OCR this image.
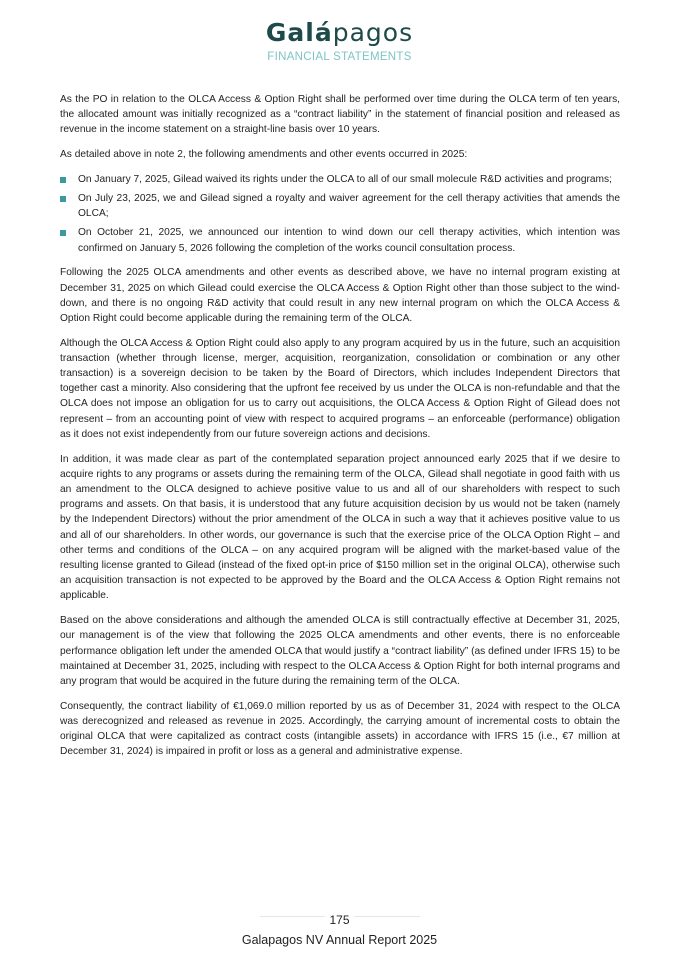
Galápagos
FINANCIAL STATEMENTS

As the PO in relation to the OLCA Access & Option Right shall be performed over time during the OLCA term of ten years, the allocated amount was initially recognized as a “contract liability” in the statement of financial position and released as revenue in the income statement on a straight-line basis over 10 years.

As detailed above in note 2, the following amendments and other events occurred in 2025:

On January 7, 2025, Gilead waived its rights under the OLCA to all of our small molecule R&D activities and programs;
On July 23, 2025, we and Gilead signed a royalty and waiver agreement for the cell therapy activities that amends the OLCA;
On October 21, 2025, we announced our intention to wind down our cell therapy activities, which intention was confirmed on January 5, 2026 following the completion of the works council consultation process.

Following the 2025 OLCA amendments and other events as described above, we have no internal program existing at December 31, 2025 on which Gilead could exercise the OLCA Access & Option Right other than those subject to the wind-down, and there is no ongoing R&D activity that could result in any new internal program on which the OLCA Access & Option Right could become applicable during the remaining term of the OLCA.

Although the OLCA Access & Option Right could also apply to any program acquired by us in the future, such an acquisition transaction (whether through license, merger, acquisition, reorganization, consolidation or combination or any other transaction) is a sovereign decision to be taken by the Board of Directors, which includes Independent Directors that together cast a minority. Also considering that the upfront fee received by us under the OLCA is non-refundable and that the OLCA does not impose an obligation for us to carry out acquisitions, the OLCA Access & Option Right of Gilead does not represent – from an accounting point of view with respect to acquired programs – an enforceable (performance) obligation as it does not exist independently from our future sovereign actions and decisions.

In addition, it was made clear as part of the contemplated separation project announced early 2025 that if we desire to acquire rights to any programs or assets during the remaining term of the OLCA, Gilead shall negotiate in good faith with us an amendment to the OLCA designed to achieve positive value to us and all of our shareholders with respect to such programs and assets. On that basis, it is understood that any future acquisition decision by us would not be taken (namely by the Independent Directors) without the prior amendment of the OLCA in such a way that it achieves positive value to us and all of our shareholders. In other words, our governance is such that the exercise price of the OLCA Option Right – and other terms and conditions of the OLCA – on any acquired program will be aligned with the market-based value of the resulting license granted to Gilead (instead of the fixed opt-in price of $150 million set in the original OLCA), otherwise such an acquisition transaction is not expected to be approved by the Board and the OLCA Access & Option Right remains not applicable.

Based on the above considerations and although the amended OLCA is still contractually effective at December 31, 2025, our management is of the view that following the 2025 OLCA amendments and other events, there is no enforceable performance obligation left under the amended OLCA that would justify a “contract liability” (as defined under IFRS 15) to be maintained at December 31, 2025, including with respect to the OLCA Access & Option Right for both internal programs and any program that would be acquired in the future during the remaining term of the OLCA.

Consequently, the contract liability of €1,069.0 million reported by us as of December 31, 2024 with respect to the OLCA was derecognized and released as revenue in 2025. Accordingly, the carrying amount of incremental costs to obtain the original OLCA that were capitalized as contract costs (intangible assets) in accordance with IFRS 15 (i.e., €7 million at December 31, 2024) is impaired in profit or loss as a general and administrative expense.

175
Galapagos NV Annual Report 2025
